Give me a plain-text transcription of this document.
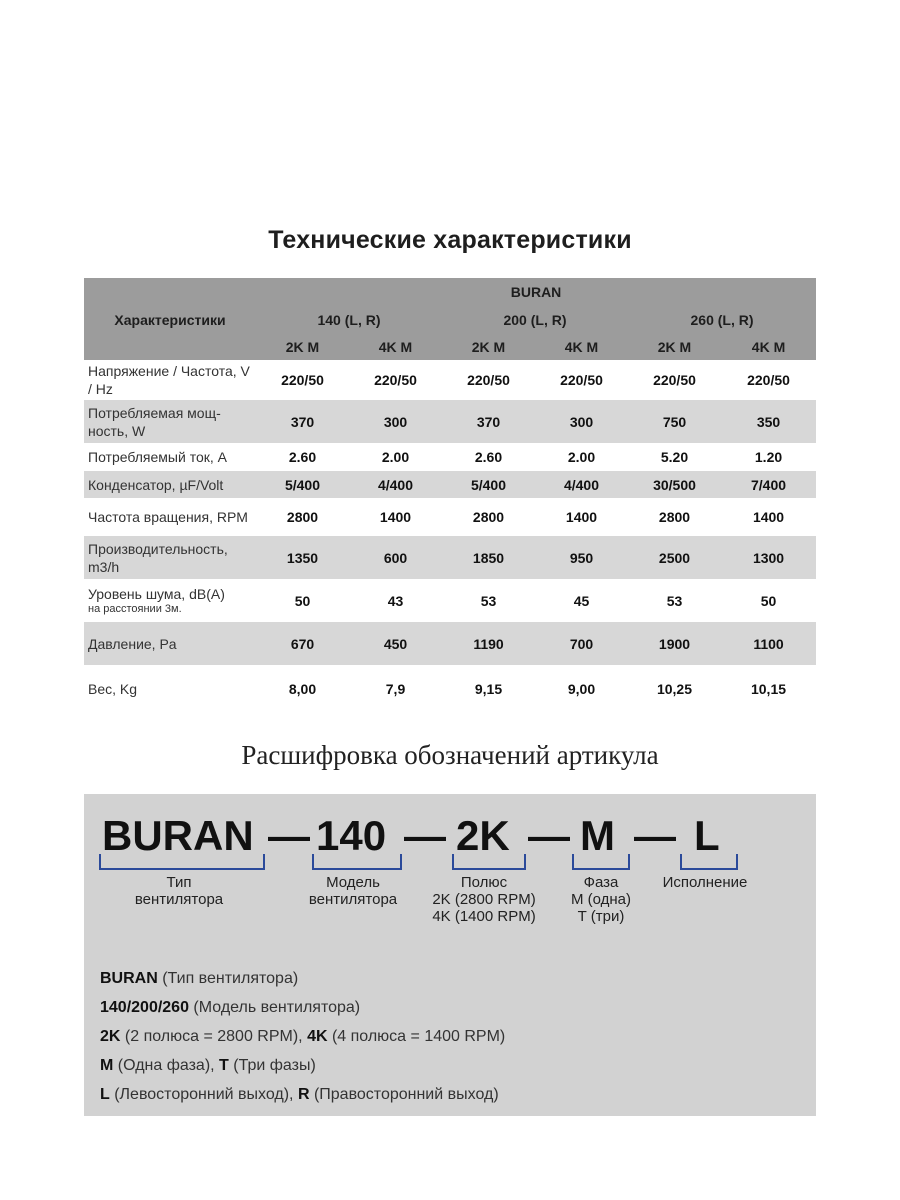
Технические характеристики
	BURAN					
Характеристики	140 (L, R)		200 (L, R)		260 (L, R)	
	2K M	4K M	2K M	4K M	2K M	4K M
Напряжение / Частота, V / Hz	220/50	220/50	220/50	220/50	220/50	220/50
Потребляемая мощ-ность, W	370	300	370	300	750	350
Потребляемый ток, A	2.60	2.00	2.60	2.00	5.20	1.20
Конденсатор, µF/Volt	5/400	4/400	5/400	4/400	30/500	7/400
Частота вращения, RPM	2800	1400	2800	1400	2800	1400
Производительность, m3/h	1350	600	1850	950	2500	1300
Уровень шума, dB(A)
на расстоянии 3м.	50	43	53	45	53	50
Давление, Pa	670	450	1190	700	1900	1100
Вес, Kg	8,00	7,9	9,15	9,00	10,25	10,15
Расшифровка обозначений артикула
BURAN — 140 — 2K — M — L
Тип
вентилятора
Модель
вентилятора
Полюс
2K (2800 RPM)
4K (1400 RPM)
Фаза
M (одна)
T (три)
Исполнение
BURAN (Тип вентилятора)
140/200/260 (Модель вентилятора)
2K (2 полюса = 2800 RPM), 4K (4 полюса = 1400 RPM)
M (Одна фаза), T (Три фазы)
L (Левосторонний выход), R (Правосторонний выход)
